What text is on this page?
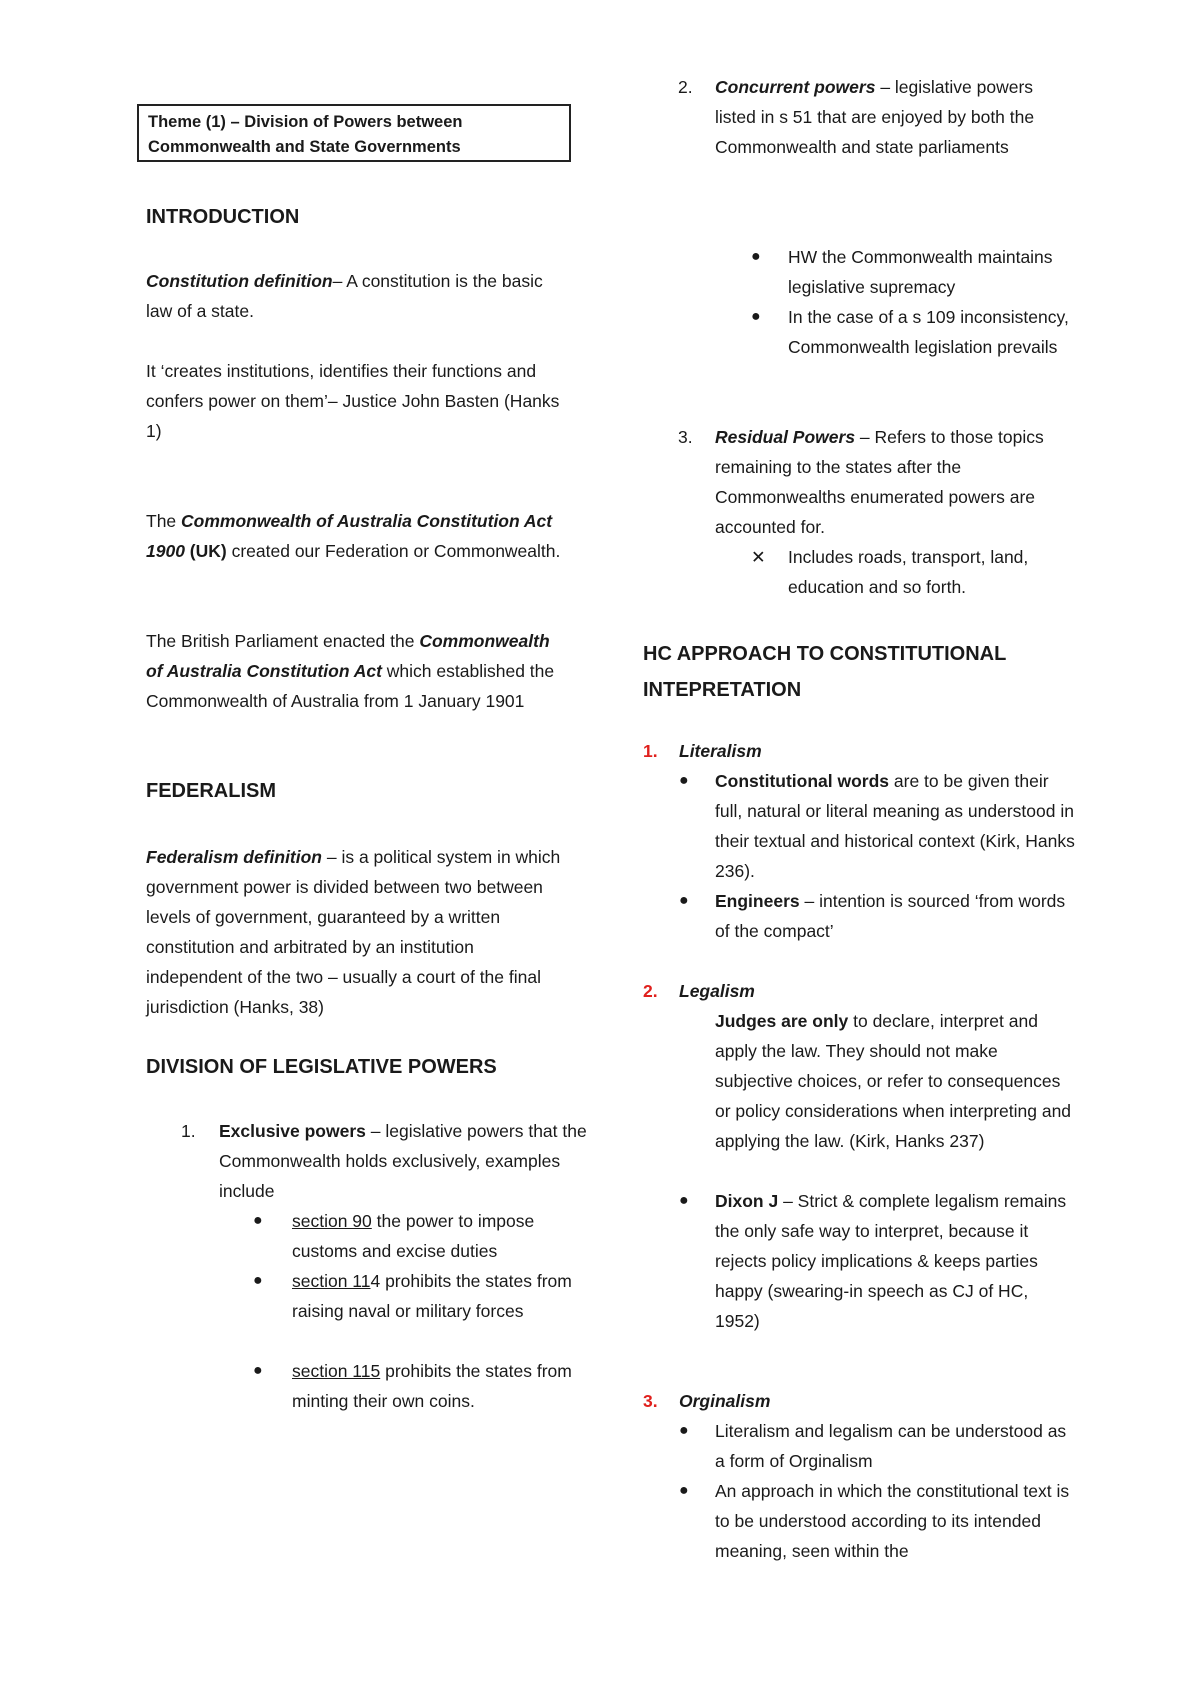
Theme (1) – Division of Powers between
Commonwealth and State Governments
INTRODUCTION
Constitution definition– A constitution is the basic law of a state.
It ‘creates institutions, identifies their functions and confers power on them’– Justice John Basten (Hanks 1)
The Commonwealth of Australia Constitution Act 1900 (UK) created our Federation or Commonwealth.
The British Parliament enacted the Commonwealth of Australia Constitution Act which established the Commonwealth of Australia from 1 January 1901
FEDERALISM
Federalism definition – is a political system in which government power is divided between two between levels of government, guaranteed by a written constitution and arbitrated by an institution independent of the two – usually a court of the final jurisdiction (Hanks, 38)
DIVISION OF LEGISLATIVE POWERS
1. Exclusive powers – legislative powers that the Commonwealth holds exclusively, examples include
● section 90 the power to impose customs and excise duties
● section 114 prohibits the states from raising naval or military forces
● section 115 prohibits the states from minting their own coins.
2. Concurrent powers – legislative powers listed in s 51 that are enjoyed by both the Commonwealth and state parliaments
● HW the Commonwealth maintains legislative supremacy
● In the case of a s 109 inconsistency, Commonwealth legislation prevails
3. Residual Powers – Refers to those topics remaining to the states after the Commonwealths enumerated powers are accounted for.
✕ Includes roads, transport, land, education and so forth.
HC APPROACH TO CONSTITUTIONAL
INTEPRETATION
1. Literalism
● Constitutional words are to be given their full, natural or literal meaning as understood in their textual and historical context (Kirk, Hanks 236).
● Engineers – intention is sourced ‘from words of the compact’
2. Legalism
Judges are only to declare, interpret and apply the law. They should not make subjective choices, or refer to consequences or policy considerations when interpreting and applying the law. (Kirk, Hanks 237)
● Dixon J – Strict & complete legalism remains the only safe way to interpret, because it rejects policy implications & keeps parties happy (swearing-in speech as CJ of HC, 1952)
3. Orginalism
● Literalism and legalism can be understood as a form of Orginalism
● An approach in which the constitutional text is to be understood according to its intended meaning, seen within the
